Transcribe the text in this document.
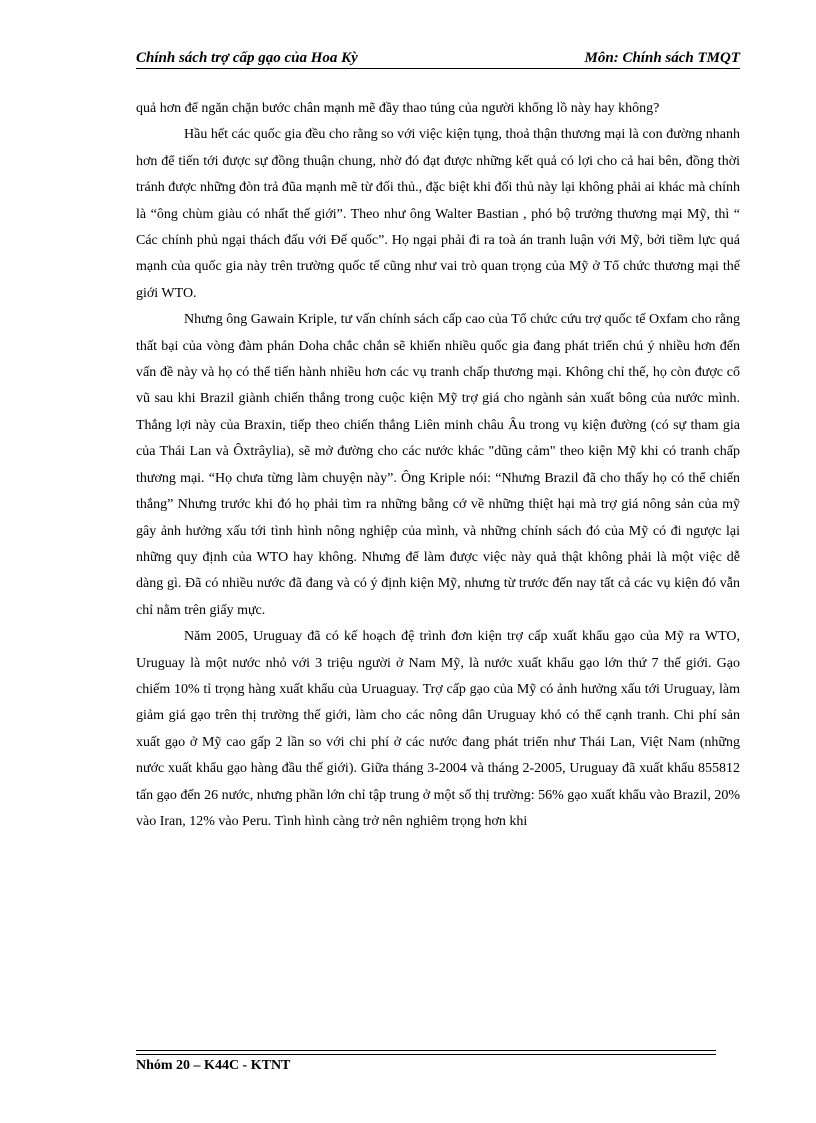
Chính sách trợ cấp gạo của Hoa Kỳ	Môn: Chính sách TMQT

quả hơn để ngăn chặn bước chân mạnh mẽ đầy thao túng của người khổng lồ này hay không?

Hầu hết các quốc gia đều cho rằng so với việc kiện tụng, thoả thận thương mại là con đường nhanh hơn để tiến tới được sự đồng thuận chung, nhờ đó đạt được những kết quả có lợi cho cả hai bên, đồng thời tránh được những đòn trả đũa mạnh mẽ từ đối thủ., đặc biệt khi đối thủ này lại không phải ai khác mà chính là “ông chùm giàu có nhất thế giới”. Theo như ông Walter Bastian , phó bộ trưởng thương mại Mỹ, thì “ Các chính phủ ngại thách đấu với Đế quốc”. Họ ngại phải đi ra toà án tranh luận với Mỹ, bởi tiềm lực quá mạnh của quốc gia này trên trường quốc tế cũng như vai trò quan trọng của Mỹ ở Tổ chức thương mại thế giới WTO.

Nhưng ông Gawain Kriple, tư vấn chính sách cấp cao của Tổ chức cứu trợ quốc tế Oxfam cho rằng thất bại của vòng đàm phán Doha chắc chắn sẽ khiến nhiều quốc gia đang phát triển chú ý nhiều hơn đến vấn đề này và họ có thể tiến hành nhiều hơn các vụ tranh chấp thương mại. Không chỉ thế, họ còn được cổ vũ sau khi Brazil giành chiến thắng trong cuộc kiện Mỹ trợ giá cho ngành sản xuất bông của nước mình. Thắng lợi này của Braxin, tiếp theo chiến thắng Liên minh châu Âu trong vụ kiện đường (có sự tham gia của Thái Lan và Ôxtrâylia), sẽ mở đường cho các nước khác "dũng cảm" theo kiện Mỹ khi có tranh chấp thương mại. “Họ chưa từng làm chuyện này”. Ông Kriple nói: “Nhưng Brazil đã cho thấy họ có thể chiến thắng” Nhưng trước khi đó họ phải tìm ra những bằng cớ về những thiệt hại mà trợ giá nông sản của mỹ gây ảnh hưởng xấu tới tình hình nông nghiệp của mình, và những chính sách đó của Mỹ có đi ngược lại những quy định của WTO hay không. Nhưng để làm được việc này quả thật không phải là một việc dễ dàng gì. Đã có nhiều nước đã đang và có ý định kiện Mỹ, nhưng từ trước đến nay tất cả các vụ kiện đó vẫn chỉ nằm trên giấy mực.

Năm 2005, Uruguay đã có kế hoạch đệ trình đơn kiện trợ cấp xuất khẩu gạo của Mỹ ra WTO, Uruguay là một nước nhỏ với 3 triệu người ở Nam Mỹ, là nước xuất khẩu gạo lớn thứ 7 thế giới. Gạo chiếm 10% tỉ trọng hàng xuất khẩu của Uruaguay. Trợ cấp gạo của Mỹ có ảnh hưởng xấu tới Uruguay, làm giảm giá gạo trên thị trường thế giới, làm cho các nông dân Uruguay khó có thể cạnh tranh. Chi phí sản xuất gạo ở Mỹ cao gấp 2 lần so với chi phí ở các nước đang phát triển như Thái Lan, Việt Nam (những nước xuất khẩu gạo hàng đầu thế giới). Giữa tháng 3-2004 và tháng 2-2005, Uruguay đã xuất khẩu 855812 tấn gạo đến 26 nước, nhưng phần lớn chỉ tập trung ở một số thị trường: 56% gạo xuất khẩu vào Brazil, 20% vào Iran, 12% vào Peru. Tình hình càng trở nên nghiêm trọng hơn khi

Nhóm 20 – K44C - KTNT
